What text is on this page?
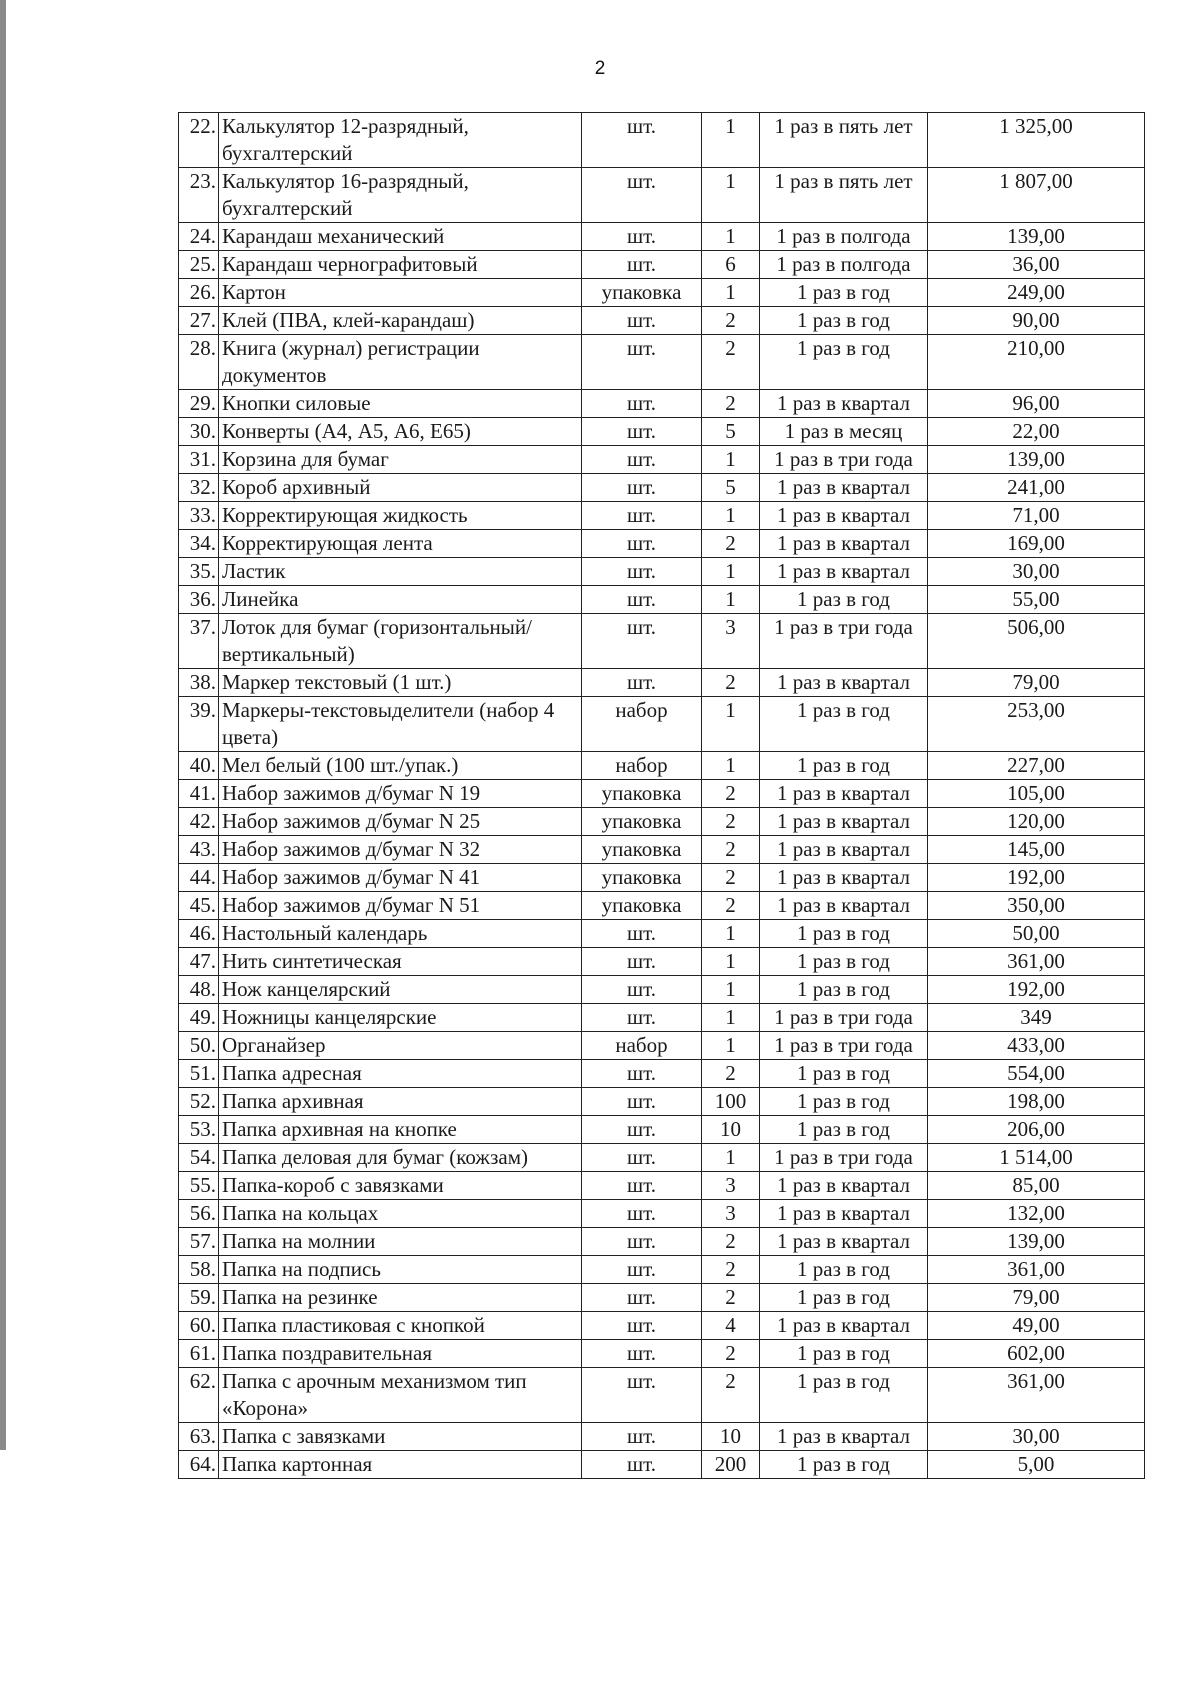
2
22.	Калькулятор 12-разрядный, бухгалтерский	шт.	1	1 раз в пять лет	1 325,00
23.	Калькулятор 16-разрядный, бухгалтерский	шт.	1	1 раз в пять лет	1 807,00
24.	Карандаш механический	шт.	1	1 раз в полгода	139,00
25.	Карандаш чернографитовый	шт.	6	1 раз в полгода	36,00
26.	Картон	упаковка	1	1 раз в год	249,00
27.	Клей (ПВА, клей-карандаш)	шт.	2	1 раз в год	90,00
28.	Книга (журнал) регистрации документов	шт.	2	1 раз в год	210,00
29.	Кнопки силовые	шт.	2	1 раз в квартал	96,00
30.	Конверты (А4, А5, А6, Е65)	шт.	5	1 раз в месяц	22,00
31.	Корзина для бумаг	шт.	1	1 раз в три года	139,00
32.	Короб архивный	шт.	5	1 раз в квартал	241,00
33.	Корректирующая жидкость	шт.	1	1 раз в квартал	71,00
34.	Корректирующая лента	шт.	2	1 раз в квартал	169,00
35.	Ластик	шт.	1	1 раз в квартал	30,00
36.	Линейка	шт.	1	1 раз в год	55,00
37.	Лоток для бумаг (горизонтальный/вертикальный)	шт.	3	1 раз в три года	506,00
38.	Маркер текстовый (1 шт.)	шт.	2	1 раз в квартал	79,00
39.	Маркеры-текстовыделители (набор 4 цвета)	набор	1	1 раз в год	253,00
40.	Мел белый (100 шт./упак.)	набор	1	1 раз в год	227,00
41.	Набор зажимов д/бумаг N 19	упаковка	2	1 раз в квартал	105,00
42.	Набор зажимов д/бумаг N 25	упаковка	2	1 раз в квартал	120,00
43.	Набор зажимов д/бумаг N 32	упаковка	2	1 раз в квартал	145,00
44.	Набор зажимов д/бумаг N 41	упаковка	2	1 раз в квартал	192,00
45.	Набор зажимов д/бумаг N 51	упаковка	2	1 раз в квартал	350,00
46.	Настольный календарь	шт.	1	1 раз в год	50,00
47.	Нить синтетическая	шт.	1	1 раз в год	361,00
48.	Нож канцелярский	шт.	1	1 раз в год	192,00
49.	Ножницы канцелярские	шт.	1	1 раз в три года	349
50.	Органайзер	набор	1	1 раз в три года	433,00
51.	Папка адресная	шт.	2	1 раз в год	554,00
52.	Папка архивная	шт.	100	1 раз в год	198,00
53.	Папка архивная на кнопке	шт.	10	1 раз в год	206,00
54.	Папка деловая для бумаг (кожзам)	шт.	1	1 раз в три года	1 514,00
55.	Папка-короб с завязками	шт.	3	1 раз в квартал	85,00
56.	Папка на кольцах	шт.	3	1 раз в квартал	132,00
57.	Папка на молнии	шт.	2	1 раз в квартал	139,00
58.	Папка на подпись	шт.	2	1 раз в год	361,00
59.	Папка на резинке	шт.	2	1 раз в год	79,00
60.	Папка пластиковая с кнопкой	шт.	4	1 раз в квартал	49,00
61.	Папка поздравительная	шт.	2	1 раз в год	602,00
62.	Папка с арочным механизмом тип «Корона»	шт.	2	1 раз в год	361,00
63.	Папка с завязками	шт.	10	1 раз в квартал	30,00
64.	Папка картонная	шт.	200	1 раз в год	5,00
